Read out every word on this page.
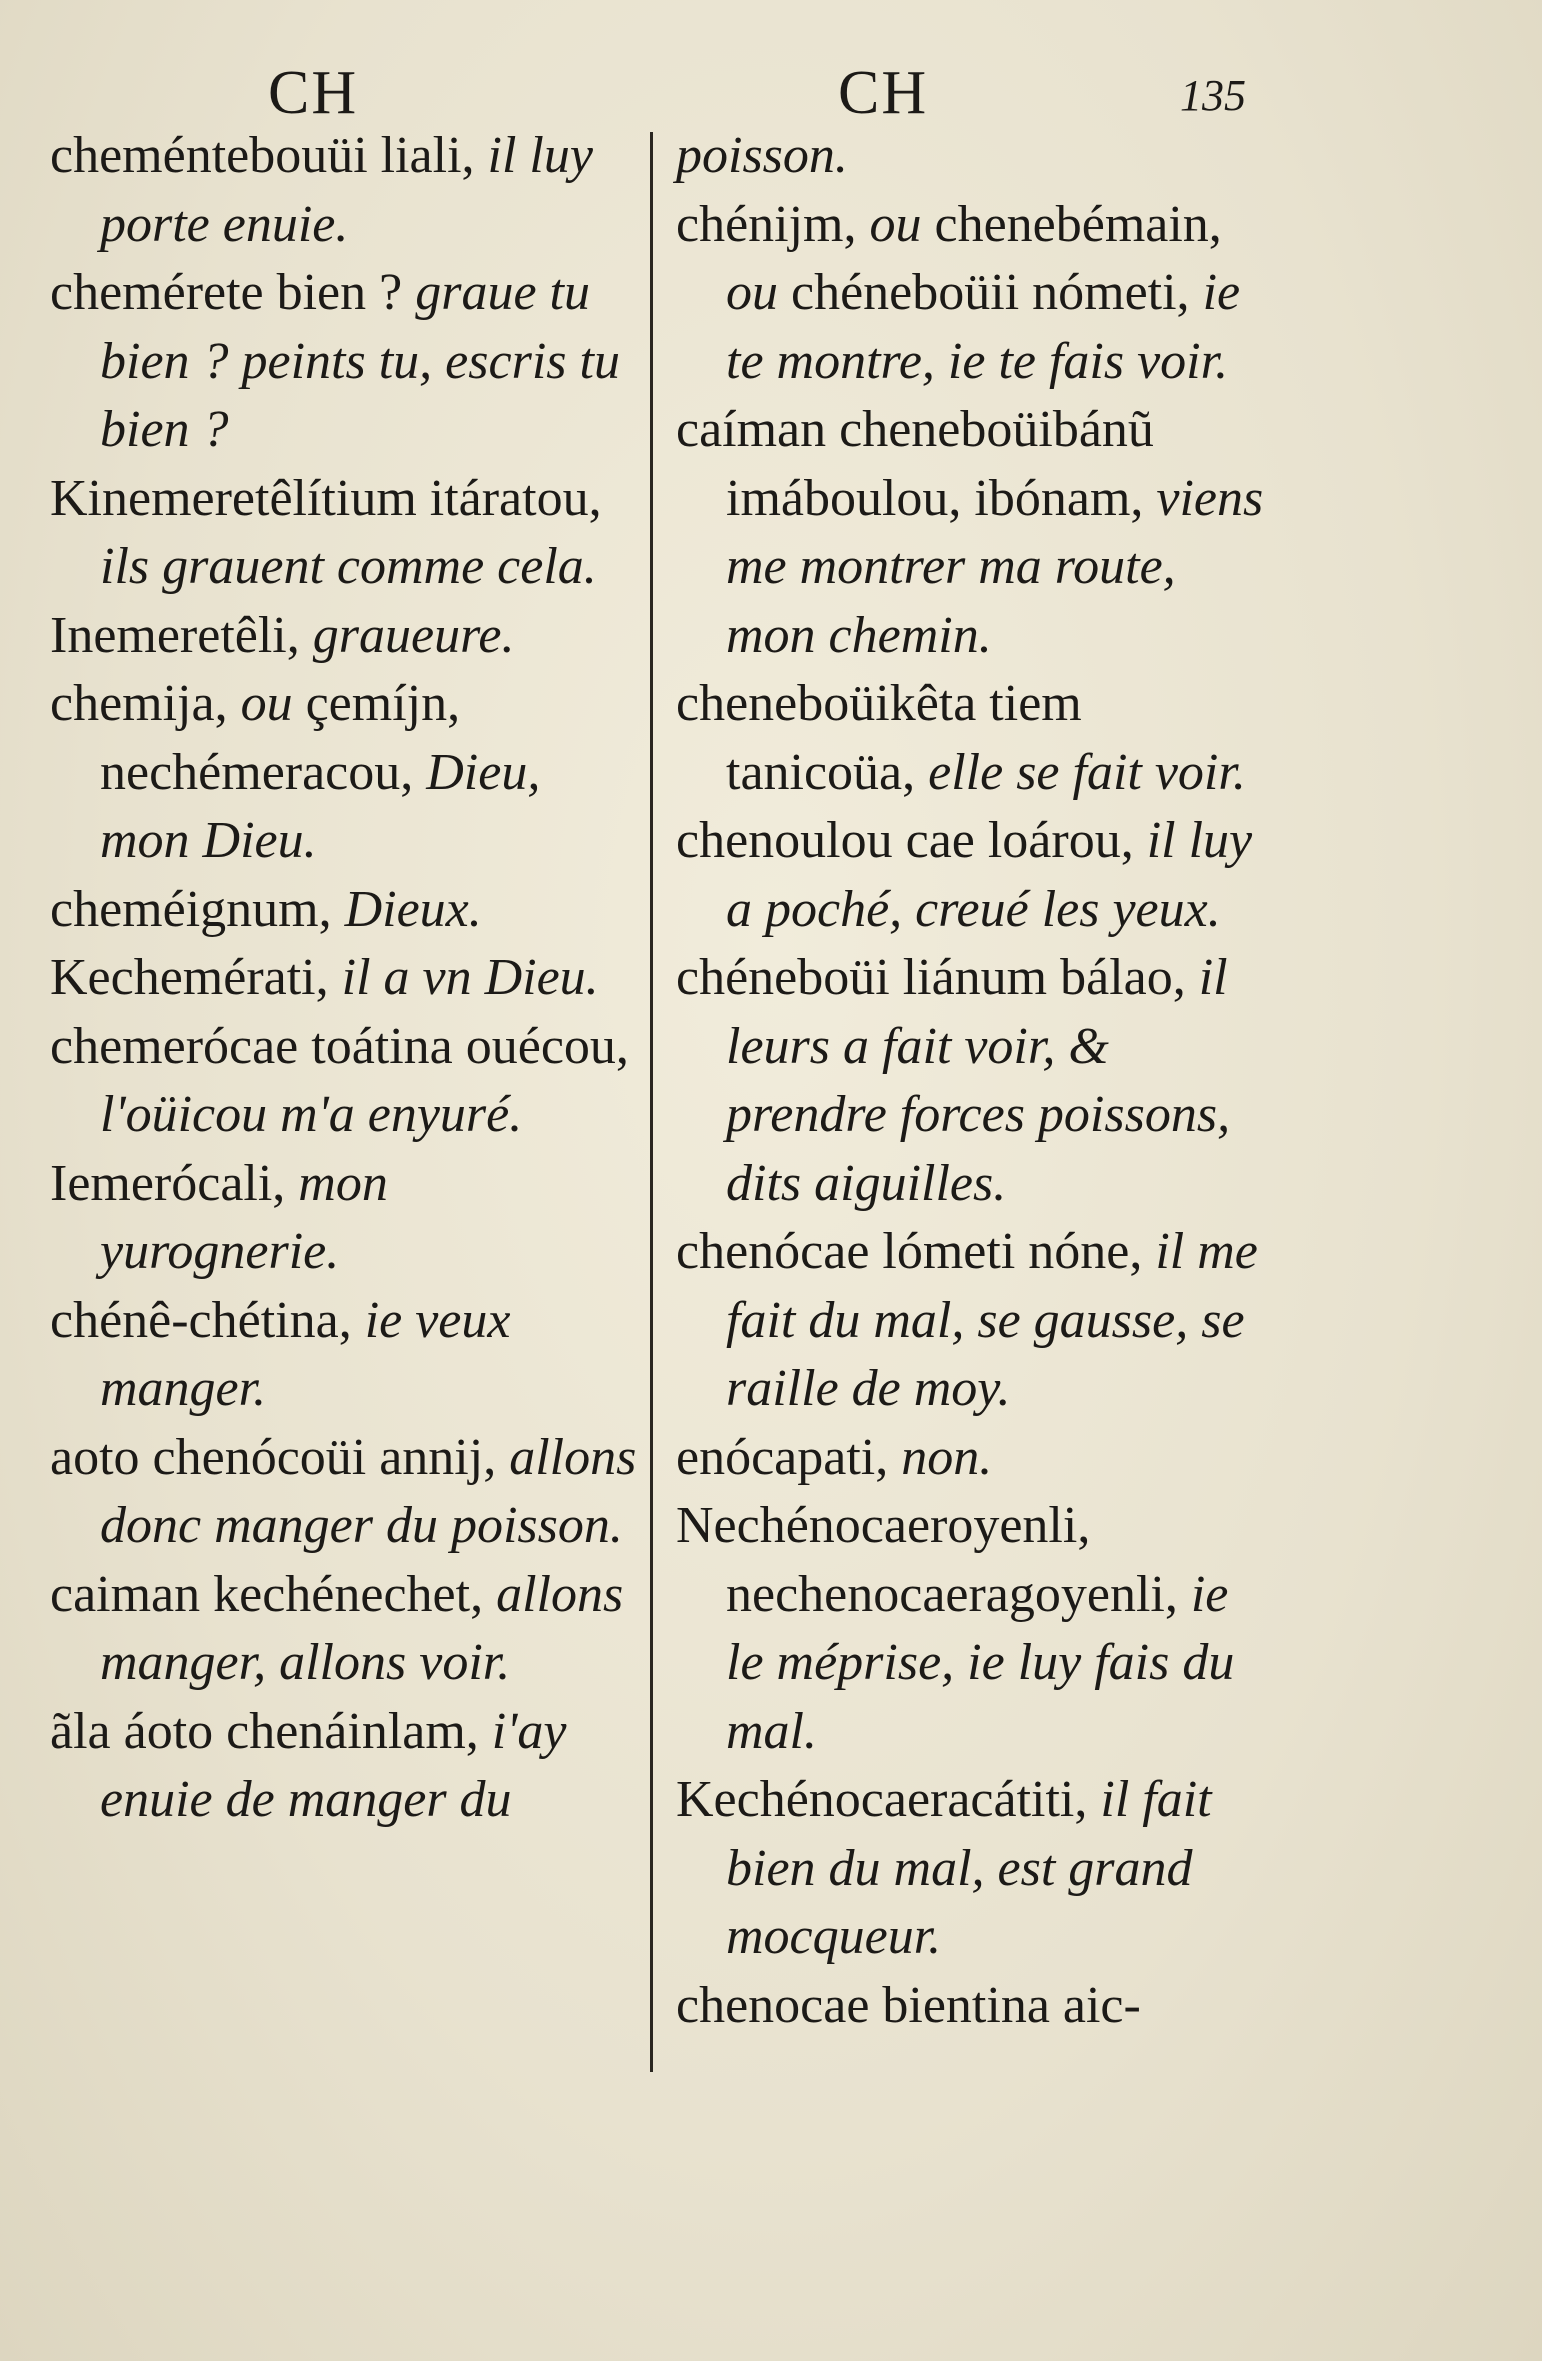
CH	CH	135

cheméntebouüi liali, il luy porte enuie.

chemérete bien ? graue tu bien ? peints tu, escris tu bien ?

Kinemeretêlítium itáratou, ils grauent comme cela.

Inemeretêli, graueure.

chemija, ou çemíjn, nechémeracou, Dieu, mon Dieu.

cheméignum, Dieux.

Kechemérati, il a vn Dieu.

chemerócae toátina ouécou, l'oüicou m'a enyuré.

Iemerócali, mon yurognerie.

chénê-chétina, ie veux manger.

aoto chenócoüi annij, allons donc manger du poisson.

caiman kechénechet, allons manger, allons voir.

ãla áoto chenáinlam, i'ay enuie de manger du

poisson.

chénijm, ou chenebémain, ou chéneboüii nómeti, ie te montre, ie te fais voir.

caíman cheneboüibánũ imáboulou, ibónam, viens me montrer ma route, mon chemin.

cheneboüikêta tiem tanicoüa, elle se fait voir.

chenoulou cae loárou, il luy a poché, creué les yeux.

chéneboüi liánum bálao, il leurs a fait voir, & prendre forces poissons, dits aiguilles.

chenócae lómeti nóne, il me fait du mal, se gausse, se raille de moy.

enócapati, non.

Nechénocaeroyenli, nechenocaeragoyenli, ie le méprise, ie luy fais du mal.

Kechénocaeracátiti, il fait bien du mal, est grand mocqueur.

chenocae bientina aic-
